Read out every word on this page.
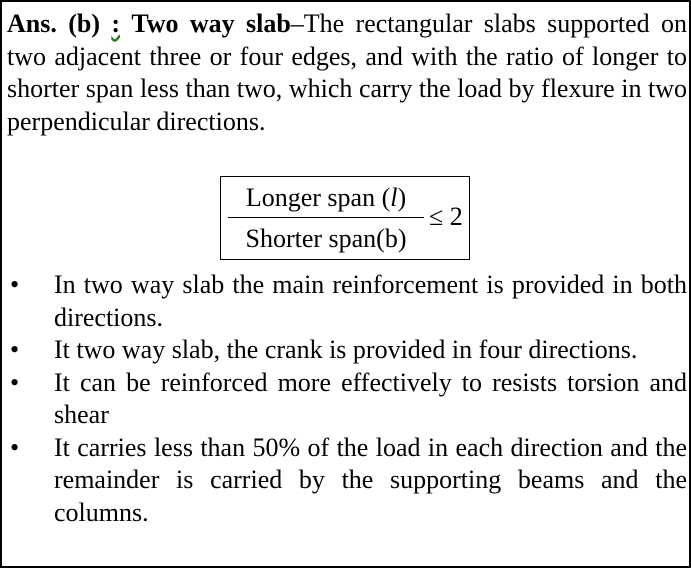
Ans. (b) : Two way slab–The rectangular slabs supported on two adjacent three or four edges, and with the ratio of longer to shorter span less than two, which carry the load by flexure in two perpendicular directions.

Longer span (l)
Shorter span(b)
≤ 2
•	In two way slab the main reinforcement is provided in both directions.
•	It two way slab, the crank is provided in four directions.
•	It can be reinforced more effectively to resists torsion and shear
•	It carries less than 50% of the load in each direction and the remainder is carried by the supporting beams and the columns.
